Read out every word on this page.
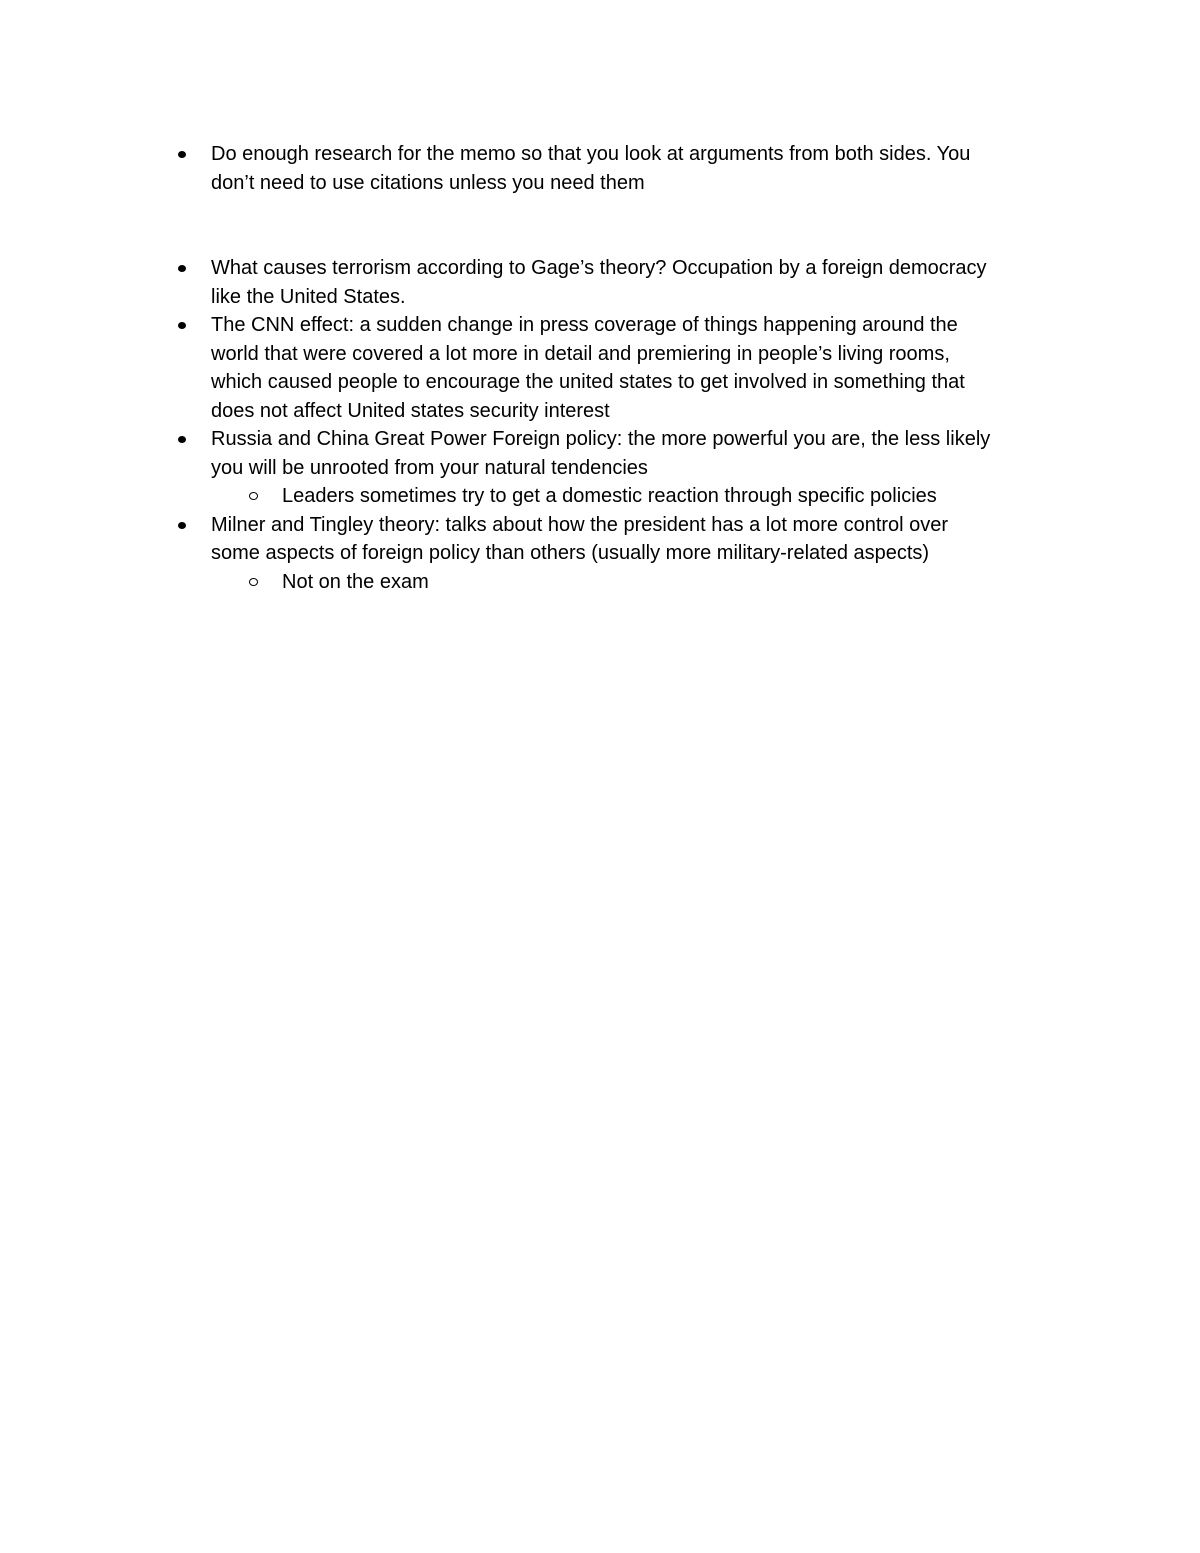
Do enough research for the memo so that you look at arguments from both sides. You
don’t need to use citations unless you need them
What causes terrorism according to Gage’s theory? Occupation by a foreign democracy
like the United States.
The CNN effect: a sudden change in press coverage of things happening around the
world that were covered a lot more in detail and premiering in people’s living rooms,
which caused people to encourage the united states to get involved in something that
does not affect United states security interest
Russia and China Great Power Foreign policy: the more powerful you are, the less likely
you will be unrooted from your natural tendencies
Leaders sometimes try to get a domestic reaction through specific policies
Milner and Tingley theory: talks about how the president has a lot more control over
some aspects of foreign policy than others (usually more military-related aspects)
Not on the exam
